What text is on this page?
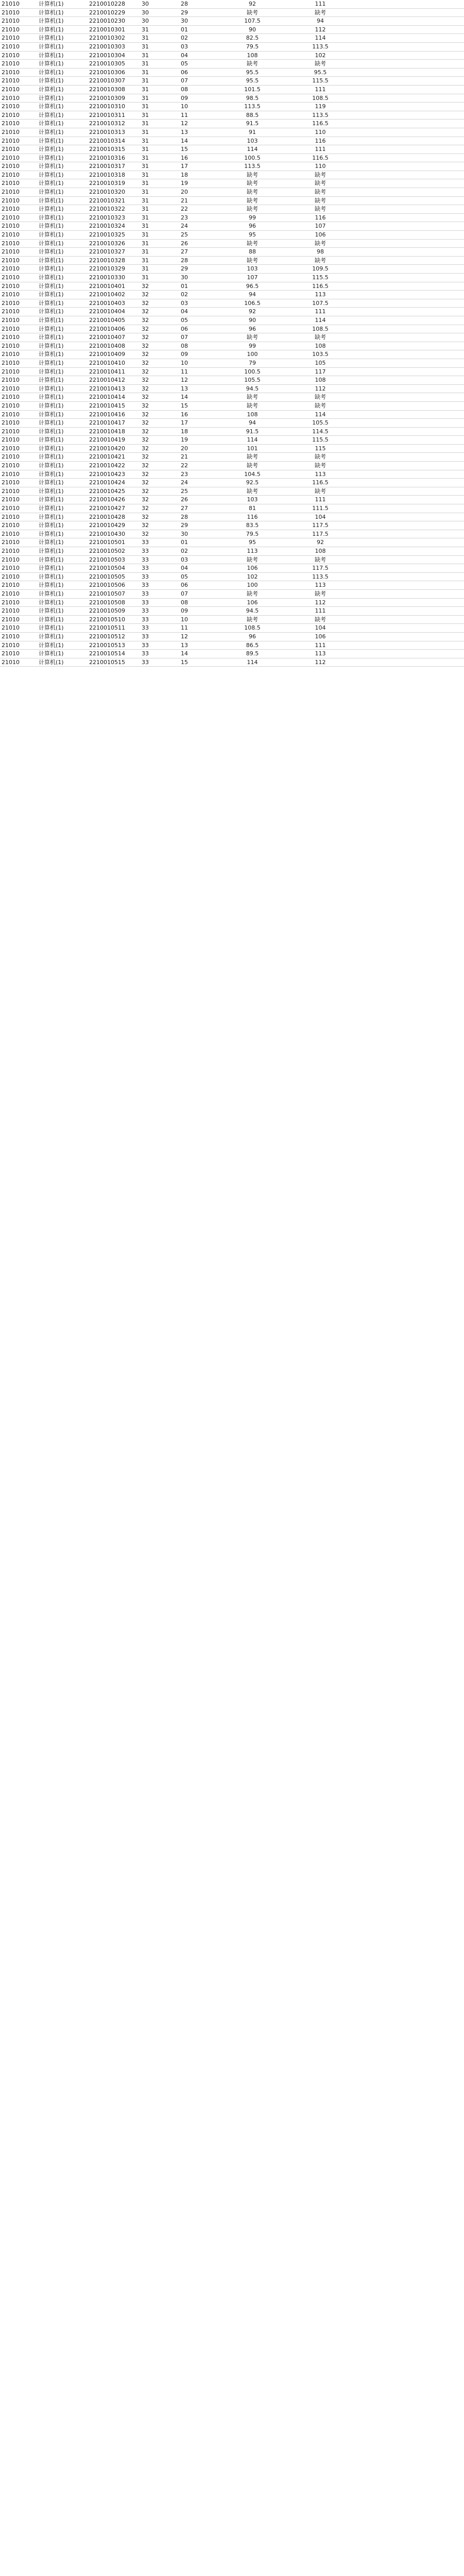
21010	计算机(1)	2210010228	30	28	92	111	
21010	计算机(1)	2210010229	30	29	缺考	缺考	
21010	计算机(1)	2210010230	30	30	107.5	94	
21010	计算机(1)	2210010301	31	01	90	112	
21010	计算机(1)	2210010302	31	02	82.5	114	
21010	计算机(1)	2210010303	31	03	79.5	113.5	
21010	计算机(1)	2210010304	31	04	108	102	
21010	计算机(1)	2210010305	31	05	缺考	缺考	
21010	计算机(1)	2210010306	31	06	95.5	95.5	
21010	计算机(1)	2210010307	31	07	95.5	115.5	
21010	计算机(1)	2210010308	31	08	101.5	111	
21010	计算机(1)	2210010309	31	09	98.5	108.5	
21010	计算机(1)	2210010310	31	10	113.5	119	
21010	计算机(1)	2210010311	31	11	88.5	113.5	
21010	计算机(1)	2210010312	31	12	91.5	116.5	
21010	计算机(1)	2210010313	31	13	91	110	
21010	计算机(1)	2210010314	31	14	103	116	
21010	计算机(1)	2210010315	31	15	114	111	
21010	计算机(1)	2210010316	31	16	100.5	116.5	
21010	计算机(1)	2210010317	31	17	113.5	110	
21010	计算机(1)	2210010318	31	18	缺考	缺考	
21010	计算机(1)	2210010319	31	19	缺考	缺考	
21010	计算机(1)	2210010320	31	20	缺考	缺考	
21010	计算机(1)	2210010321	31	21	缺考	缺考	
21010	计算机(1)	2210010322	31	22	缺考	缺考	
21010	计算机(1)	2210010323	31	23	99	116	
21010	计算机(1)	2210010324	31	24	96	107	
21010	计算机(1)	2210010325	31	25	95	106	
21010	计算机(1)	2210010326	31	26	缺考	缺考	
21010	计算机(1)	2210010327	31	27	88	98	
21010	计算机(1)	2210010328	31	28	缺考	缺考	
21010	计算机(1)	2210010329	31	29	103	109.5	
21010	计算机(1)	2210010330	31	30	107	115.5	
21010	计算机(1)	2210010401	32	01	96.5	116.5	
21010	计算机(1)	2210010402	32	02	94	113	
21010	计算机(1)	2210010403	32	03	106.5	107.5	
21010	计算机(1)	2210010404	32	04	92	111	
21010	计算机(1)	2210010405	32	05	90	114	
21010	计算机(1)	2210010406	32	06	96	108.5	
21010	计算机(1)	2210010407	32	07	缺考	缺考	
21010	计算机(1)	2210010408	32	08	99	108	
21010	计算机(1)	2210010409	32	09	100	103.5	
21010	计算机(1)	2210010410	32	10	79	105	
21010	计算机(1)	2210010411	32	11	100.5	117	
21010	计算机(1)	2210010412	32	12	105.5	108	
21010	计算机(1)	2210010413	32	13	94.5	112	
21010	计算机(1)	2210010414	32	14	缺考	缺考	
21010	计算机(1)	2210010415	32	15	缺考	缺考	
21010	计算机(1)	2210010416	32	16	108	114	
21010	计算机(1)	2210010417	32	17	94	105.5	
21010	计算机(1)	2210010418	32	18	91.5	114.5	
21010	计算机(1)	2210010419	32	19	114	115.5	
21010	计算机(1)	2210010420	32	20	101	115	
21010	计算机(1)	2210010421	32	21	缺考	缺考	
21010	计算机(1)	2210010422	32	22	缺考	缺考	
21010	计算机(1)	2210010423	32	23	104.5	113	
21010	计算机(1)	2210010424	32	24	92.5	116.5	
21010	计算机(1)	2210010425	32	25	缺考	缺考	
21010	计算机(1)	2210010426	32	26	103	111	
21010	计算机(1)	2210010427	32	27	81	111.5	
21010	计算机(1)	2210010428	32	28	116	104	
21010	计算机(1)	2210010429	32	29	83.5	117.5	
21010	计算机(1)	2210010430	32	30	79.5	117.5	
21010	计算机(1)	2210010501	33	01	95	92	
21010	计算机(1)	2210010502	33	02	113	108	
21010	计算机(1)	2210010503	33	03	缺考	缺考	
21010	计算机(1)	2210010504	33	04	106	117.5	
21010	计算机(1)	2210010505	33	05	102	113.5	
21010	计算机(1)	2210010506	33	06	100	113	
21010	计算机(1)	2210010507	33	07	缺考	缺考	
21010	计算机(1)	2210010508	33	08	106	112	
21010	计算机(1)	2210010509	33	09	94.5	111	
21010	计算机(1)	2210010510	33	10	缺考	缺考	
21010	计算机(1)	2210010511	33	11	108.5	104	
21010	计算机(1)	2210010512	33	12	96	106	
21010	计算机(1)	2210010513	33	13	86.5	111	
21010	计算机(1)	2210010514	33	14	89.5	113	
21010	计算机(1)	2210010515	33	15	114	112	
